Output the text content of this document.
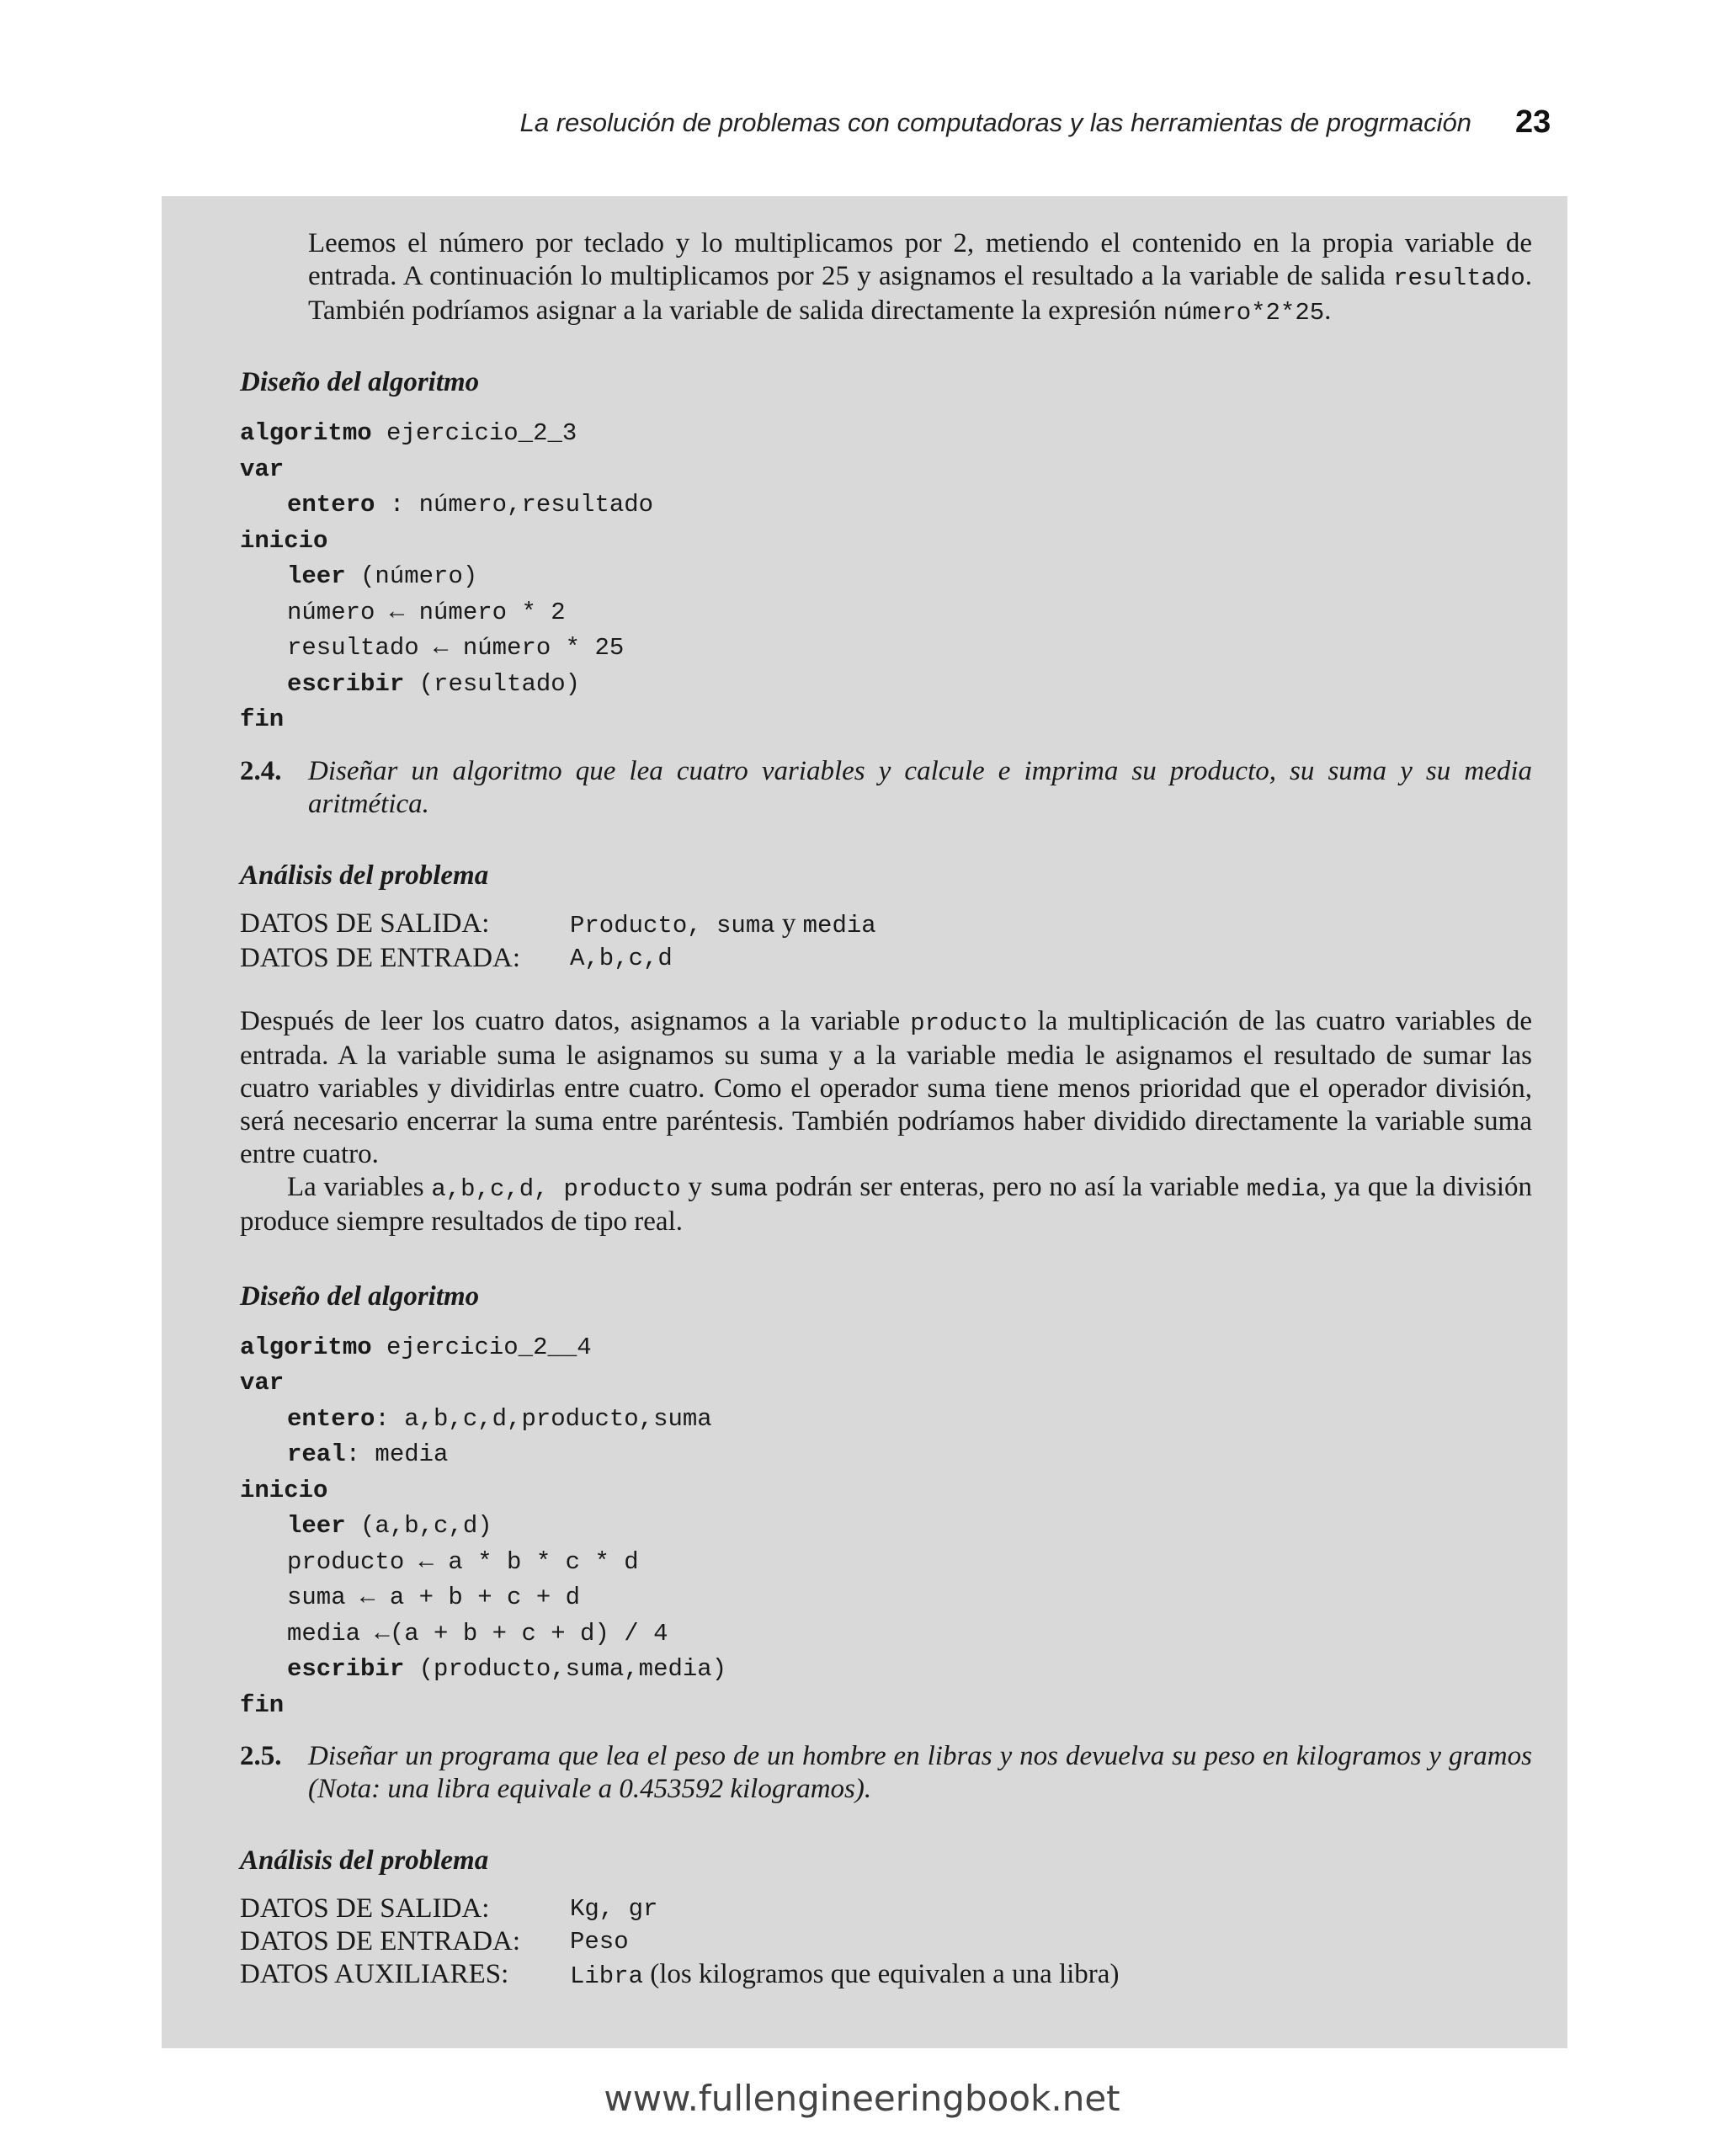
La resolución de problemas con computadoras y las herramientas de progrmación 23

Leemos el número por teclado y lo multiplicamos por 2, metiendo el contenido en la propia variable de entrada. A continuación lo multiplicamos por 25 y asignamos el resultado a la variable de salida resultado. También podríamos asignar a la variable de salida directamente la expresión número*2*25.

Diseño del algoritmo

algoritmo ejercicio_2_3
var
entero : número,resultado
inicio
leer (número)
número ← número * 2
resultado ← número * 25
escribir (resultado)
fin
2.4. Diseñar un algoritmo que lea cuatro variables y calcule e imprima su producto, su suma y su media aritmética.

Análisis del problema

DATOS DE SALIDA:	Producto, suma y media
DATOS DE ENTRADA:	A,b,c,d

Después de leer los cuatro datos, asignamos a la variable producto la multiplicación de las cuatro variables de entrada. A la variable suma le asignamos su suma y a la variable media le asignamos el resultado de sumar las cuatro variables y dividirlas entre cuatro. Como el operador suma tiene menos prioridad que el operador división, será necesario encerrar la suma entre paréntesis. También podríamos haber dividido directamente la variable suma entre cuatro.

La variables a,b,c,d, producto y suma podrán ser enteras, pero no así la variable media, ya que la división produce siempre resultados de tipo real.

Diseño del algoritmo

algoritmo ejercicio_2__4
var
entero: a,b,c,d,producto,suma
real: media
inicio
leer (a,b,c,d)
producto ← a * b * c * d
suma ← a + b + c + d
media ←(a + b + c + d) / 4
escribir (producto,suma,media)
fin
2.5. Diseñar un programa que lea el peso de un hombre en libras y nos devuelva su peso en kilogramos y gramos (Nota: una libra equivale a 0.453592 kilogramos).

Análisis del problema

DATOS DE SALIDA:	Kg, gr
DATOS DE ENTRADA:	Peso
DATOS AUXILIARES:	Libra (los kilogramos que equivalen a una libra)
www.fullengineeringbook.net
